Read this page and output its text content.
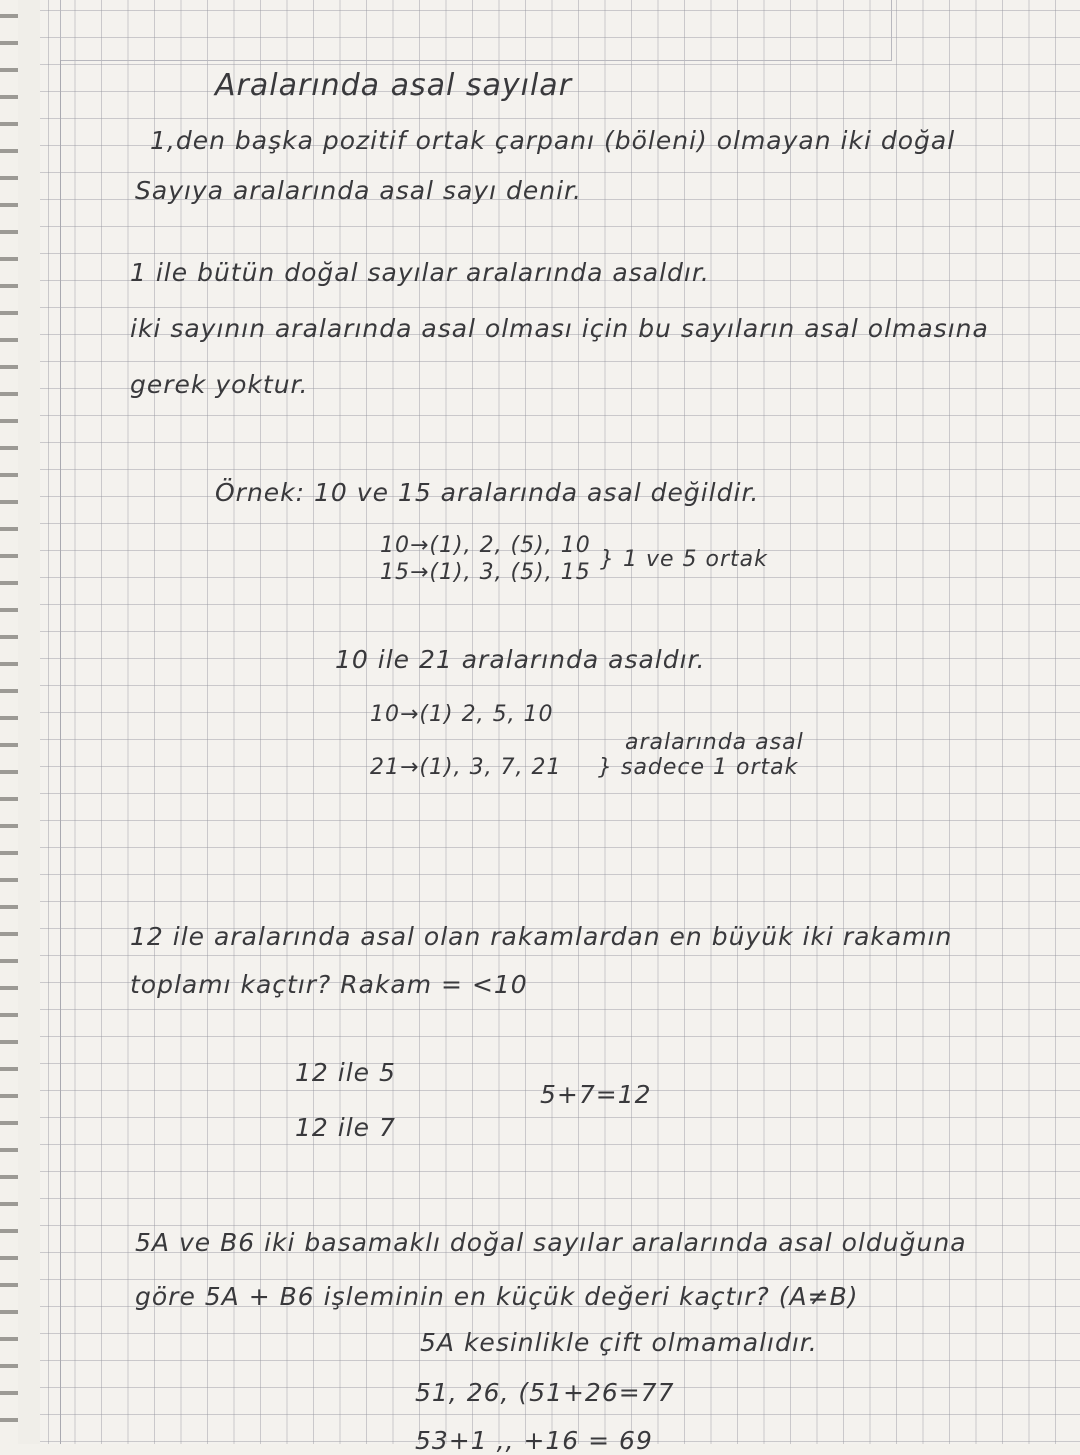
Aralarında asal sayılar
1,den başka pozitif ortak çarpanı (böleni) olmayan iki doğal
Sayıya aralarında asal sayı denir.
1 ile bütün doğal sayılar aralarında asaldır.
iki sayının aralarında asal olması için bu sayıların asal olmasına
gerek yoktur.
Örnek: 10 ve 15 aralarında asal değildir.
10→(1), 2, (5), 10
15→(1), 3, (5), 15
} 1 ve 5 ortak
10 ile 21 aralarında asaldır.
10→(1) 2, 5, 10
21→(1), 3, 7, 21
aralarında asal
} sadece 1 ortak
12 ile aralarında asal olan rakamlardan en büyük iki rakamın
toplamı kaçtır? Rakam = <10
12 ile 5
12 ile 7
5+7=12
5A ve B6 iki basamaklı doğal sayılar aralarında asal olduğuna
göre 5A + B6 işleminin en küçük değeri kaçtır? (A≠B)
5A kesinlikle çift olmamalıdır.
51, 26, (51+26=77
53+1 ,, +16 = 69
